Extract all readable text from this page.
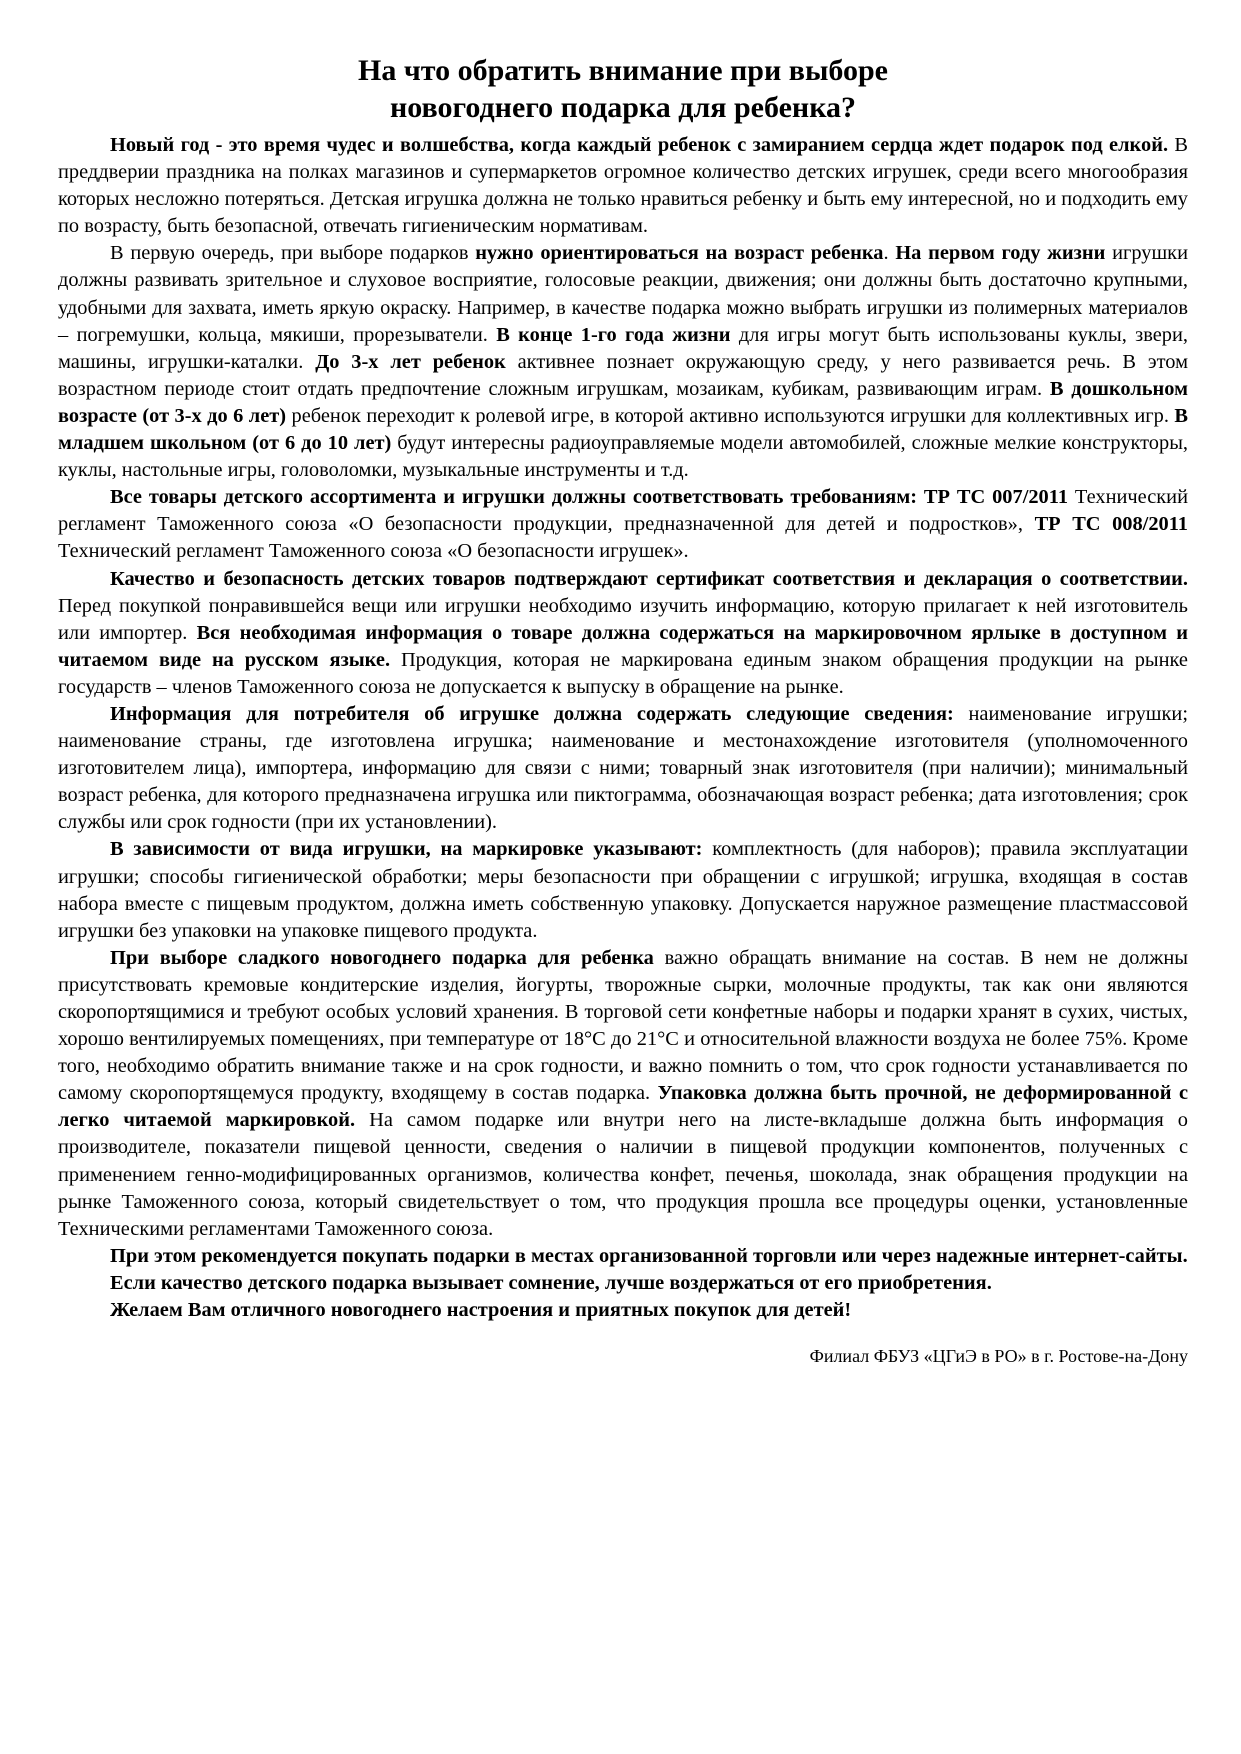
На что обратить внимание при выборе
новогоднего подарка для ребенка?

Новый год - это время чудес и волшебства, когда каждый ребенок с замиранием сердца ждет подарок под елкой. В преддверии праздника на полках магазинов и супермаркетов огромное количество детских игрушек, среди всего многообразия которых несложно потеряться. Детская игрушка должна не только нравиться ребенку и быть ему интересной, но и подходить ему по возрасту, быть безопасной, отвечать гигиеническим нормативам.

В первую очередь, при выборе подарков нужно ориентироваться на возраст ребенка. На первом году жизни игрушки должны развивать зрительное и слуховое восприятие, голосовые реакции, движения; они должны быть достаточно крупными, удобными для захвата, иметь яркую окраску. Например, в качестве подарка можно выбрать игрушки из полимерных материалов – погремушки, кольца, мякиши, прорезыватели. В конце 1-го года жизни для игры могут быть использованы куклы, звери, машины, игрушки-каталки. До 3-х лет ребенок активнее познает окружающую среду, у него развивается речь. В этом возрастном периоде стоит отдать предпочтение сложным игрушкам, мозаикам, кубикам, развивающим играм. В дошкольном возрасте (от 3-х до 6 лет) ребенок переходит к ролевой игре, в которой активно используются игрушки для коллективных игр. В младшем школьном (от 6 до 10 лет) будут интересны радиоуправляемые модели автомобилей, сложные мелкие конструкторы, куклы, настольные игры, головоломки, музыкальные инструменты и т.д.

Все товары детского ассортимента и игрушки должны соответствовать требованиям: ТР ТС 007/2011 Технический регламент Таможенного союза «О безопасности продукции, предназначенной для детей и подростков», ТР ТС 008/2011 Технический регламент Таможенного союза «О безопасности игрушек».

Качество и безопасность детских товаров подтверждают сертификат соответствия и декларация о соответствии. Перед покупкой понравившейся вещи или игрушки необходимо изучить информацию, которую прилагает к ней изготовитель или импортер. Вся необходимая информация о товаре должна содержаться на маркировочном ярлыке в доступном и читаемом виде на русском языке. Продукция, которая не маркирована единым знаком обращения продукции на рынке государств – членов Таможенного союза не допускается к выпуску в обращение на рынке.

Информация для потребителя об игрушке должна содержать следующие сведения: наименование игрушки; наименование страны, где изготовлена игрушка; наименование и местонахождение изготовителя (уполномоченного изготовителем лица), импортера, информацию для связи с ними; товарный знак изготовителя (при наличии); минимальный возраст ребенка, для которого предназначена игрушка или пиктограмма, обозначающая возраст ребенка; дата изготовления; срок службы или срок годности (при их установлении).

В зависимости от вида игрушки, на маркировке указывают: комплектность (для наборов); правила эксплуатации игрушки; способы гигиенической обработки; меры безопасности при обращении с игрушкой; игрушка, входящая в состав набора вместе с пищевым продуктом, должна иметь собственную упаковку. Допускается наружное размещение пластмассовой игрушки без упаковки на упаковке пищевого продукта.

При выборе сладкого новогоднего подарка для ребенка важно обращать внимание на состав. В нем не должны присутствовать кремовые кондитерские изделия, йогурты, творожные сырки, молочные продукты, так как они являются скоропортящимися и требуют особых условий хранения. В торговой сети конфетные наборы и подарки хранят в сухих, чистых, хорошо вентилируемых помещениях, при температуре от 18°С до 21°С и относительной влажности воздуха не более 75%. Кроме того, необходимо обратить внимание также и на срок годности, и важно помнить о том, что срок годности устанавливается по самому скоропортящемуся продукту, входящему в состав подарка. Упаковка должна быть прочной, не деформированной с легко читаемой маркировкой. На самом подарке или внутри него на листе-вкладыше должна быть информация о производителе, показатели пищевой ценности, сведения о наличии в пищевой продукции компонентов, полученных с применением генно-модифицированных организмов, количества конфет, печенья, шоколада, знак обращения продукции на рынке Таможенного союза, который свидетельствует о том, что продукция прошла все процедуры оценки, установленные Техническими регламентами Таможенного союза.

При этом рекомендуется покупать подарки в местах организованной торговли или через надежные интернет-сайты.

Если качество детского подарка вызывает сомнение, лучше воздержаться от его приобретения.

Желаем Вам отличного новогоднего настроения и приятных покупок для детей!

Филиал ФБУЗ «ЦГиЭ в РО» в г. Ростове-на-Дону
